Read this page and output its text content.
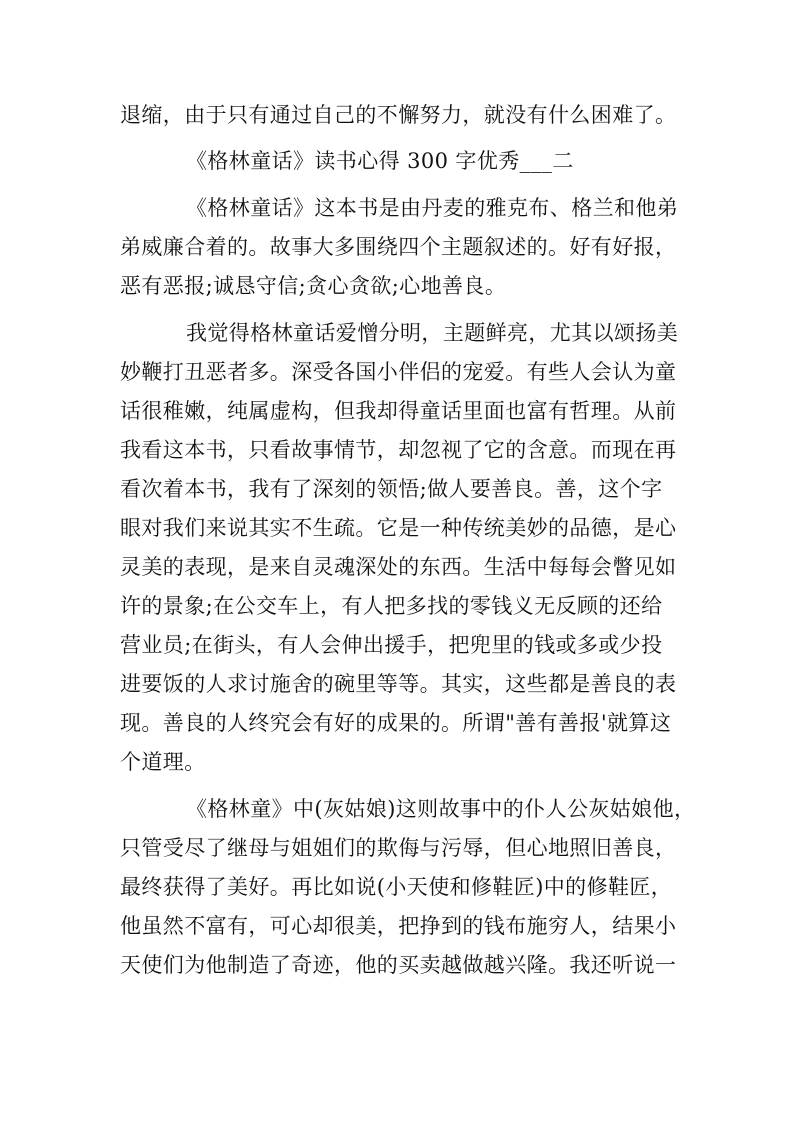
退缩，由于只有通过自己的不懈努力，就没有什么困难了。
《格林童话》读书心得 300 字优秀___二
《格林童话》这本书是由丹麦的雅克布、格兰和他弟
弟威廉合着的。故事大多围绕四个主题叙述的。好有好报，
恶有恶报;诚恳守信;贪心贪欲;心地善良。
我觉得格林童话爱憎分明，主题鲜亮，尤其以颂扬美
妙鞭打丑恶者多。深受各国小伴侣的宠爱。有些人会认为童
话很稚嫩，纯属虚构，但我却得童话里面也富有哲理。从前
我看这本书，只看故事情节，却忽视了它的含意。而现在再
看次着本书，我有了深刻的领悟;做人要善良。善，这个字
眼对我们来说其实不生疏。它是一种传统美妙的品德，是心
灵美的表现，是来自灵魂深处的东西。生活中每每会瞥见如
许的景象;在公交车上，有人把多找的零钱义无反顾的还给
营业员;在街头，有人会伸出援手，把兜里的钱或多或少投
进要饭的人求讨施舍的碗里等等。其实，这些都是善良的表
现。善良的人终究会有好的成果的。所谓"善有善报'就算这
个道理。
《格林童》中(灰姑娘)这则故事中的仆人公灰姑娘他，
只管受尽了继母与姐姐们的欺侮与污辱，但心地照旧善良，
最终获得了美好。再比如说(小天使和修鞋匠)中的修鞋匠，
他虽然不富有，可心却很美，把挣到的钱布施穷人，结果小
天使们为他制造了奇迹，他的买卖越做越兴隆。我还听说一
